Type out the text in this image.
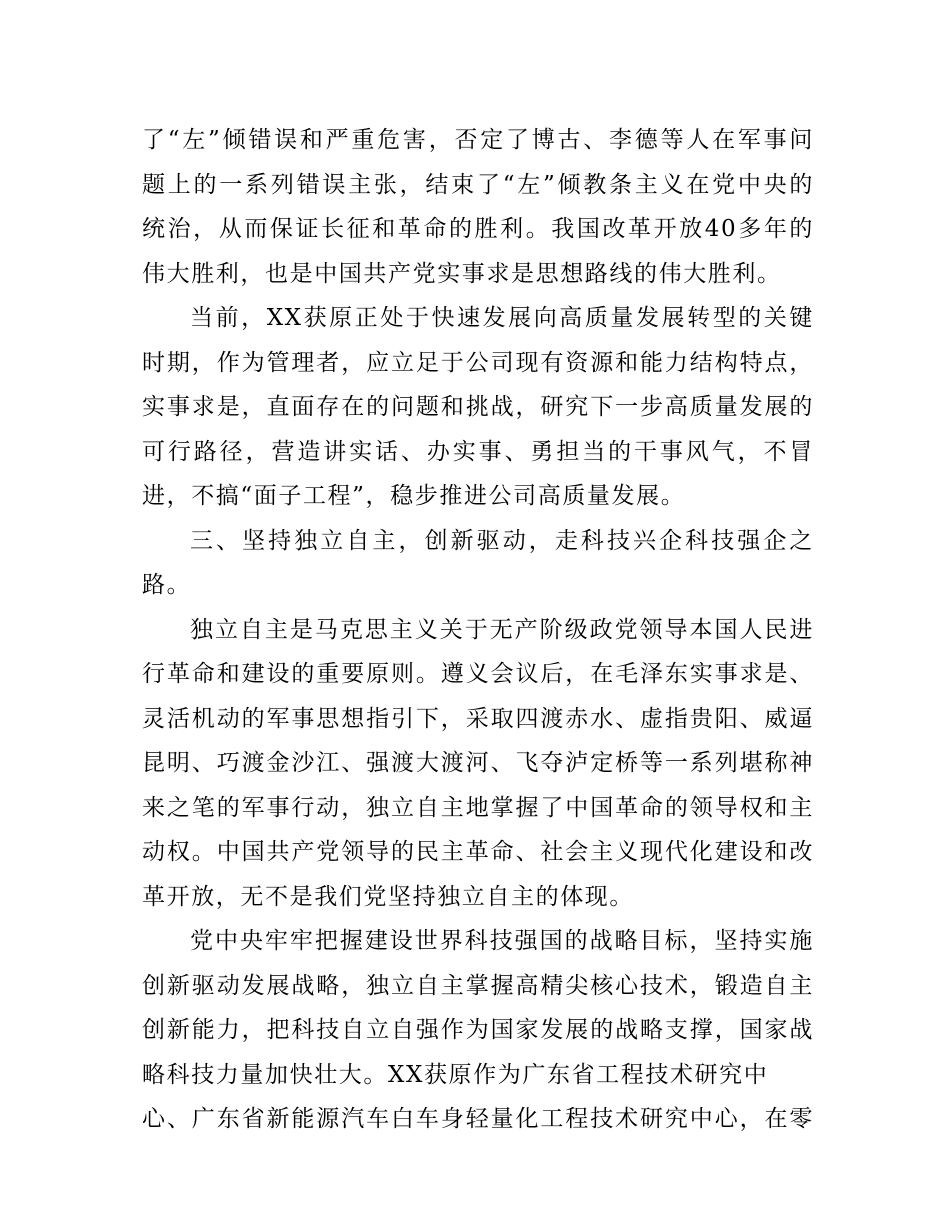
了“左”倾错误和严重危害，否定了博古、李德等人在军事问
题上的一系列错误主张，结束了“左”倾教条主义在党中央的
统治，从而保证长征和革命的胜利。我国改革开放40多年的
伟大胜利，也是中国共产党实事求是思想路线的伟大胜利。
当前，XX获原正处于快速发展向高质量发展转型的关键
时期，作为管理者，应立足于公司现有资源和能力结构特点，
实事求是，直面存在的问题和挑战，研究下一步高质量发展的
可行路径，营造讲实话、办实事、勇担当的干事风气，不冒
进，不搞“面子工程”，稳步推进公司高质量发展。
三、坚持独立自主，创新驱动，走科技兴企科技强企之
路。
独立自主是马克思主义关于无产阶级政党领导本国人民进
行革命和建设的重要原则。遵义会议后，在毛泽东实事求是、
灵活机动的军事思想指引下，采取四渡赤水、虚指贵阳、威逼
昆明、巧渡金沙江、强渡大渡河、飞夺泸定桥等一系列堪称神
来之笔的军事行动，独立自主地掌握了中国革命的领导权和主
动权。中国共产党领导的民主革命、社会主义现代化建设和改
革开放，无不是我们党坚持独立自主的体现。
党中央牢牢把握建设世界科技强国的战略目标，坚持实施
创新驱动发展战略，独立自主掌握高精尖核心技术，锻造自主
创新能力，把科技自立自强作为国家发展的战略支撑，国家战
略科技力量加快壮大。XX获原作为广东省工程技术研究中
心、广东省新能源汽车白车身轻量化工程技术研究中心，在零
